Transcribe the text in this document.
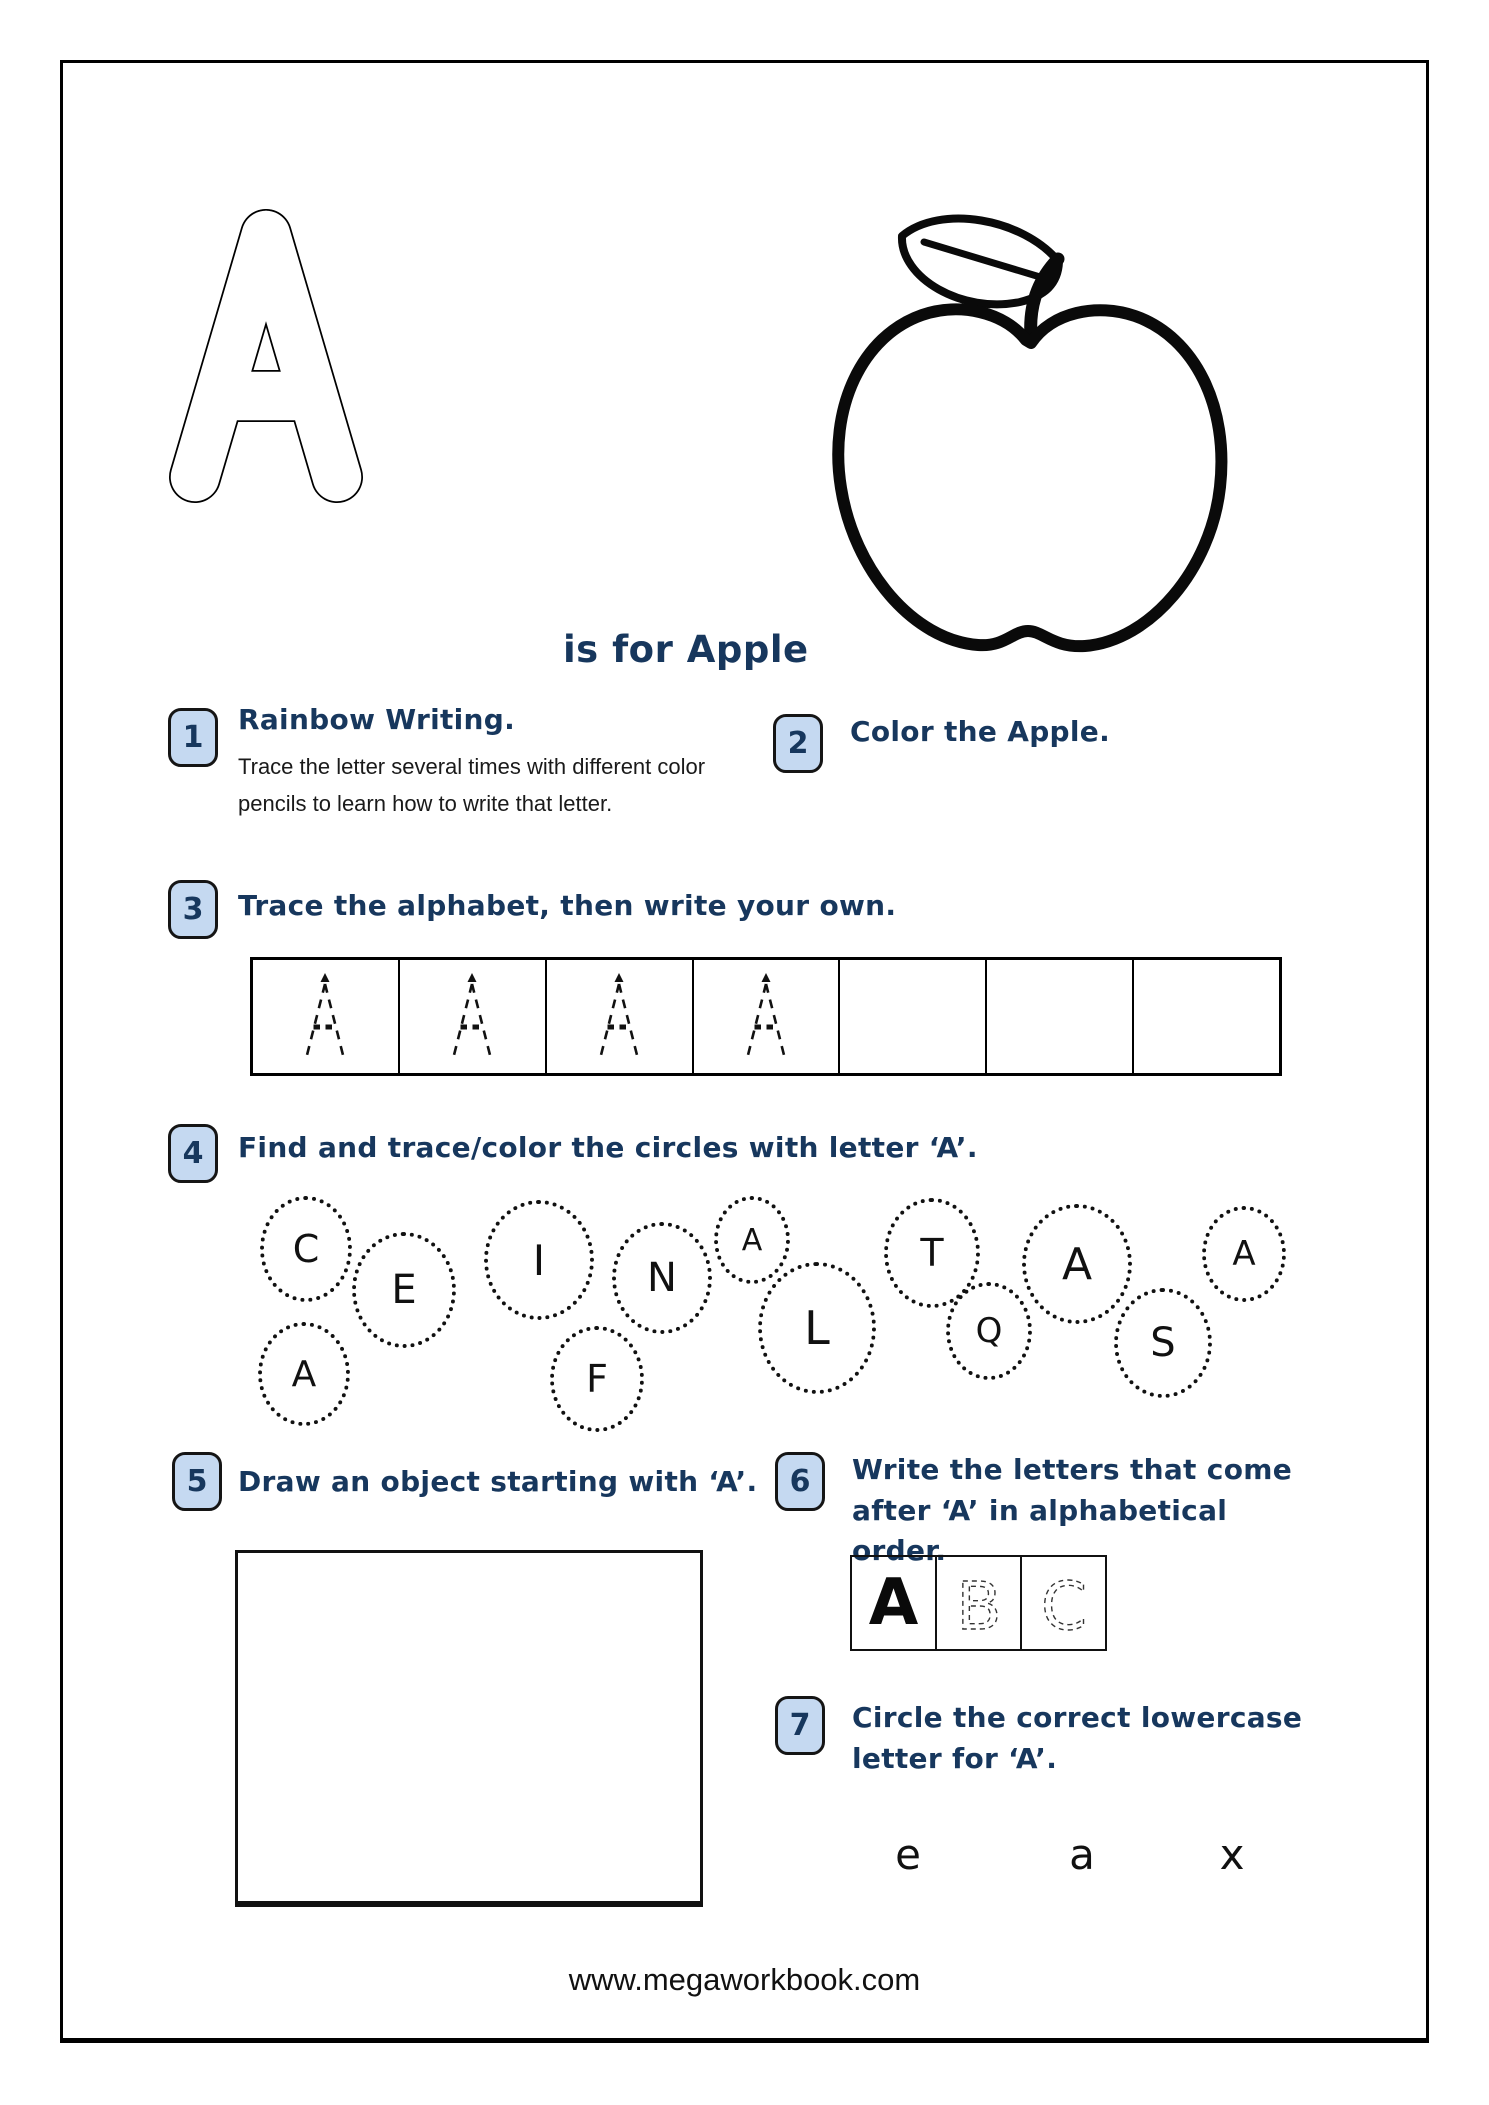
is for Apple
1
Rainbow Writing.
Trace the letter several times with different color pencils to learn how to write that letter.
2 Color the Apple.
3 Trace the alphabet, then write your own.
4 Find and trace/color the circles with letter ‘A’.
C
A
E
I
F
N
A
L
T
Q
A
S
A
5 Draw an object starting with ‘A’.	6 Write the letters that come after ‘A’ in alphabetical order.
A B C
7 Circle the correct lowercase letter for ‘A’.
e	a	x
www.megaworkbook.com
